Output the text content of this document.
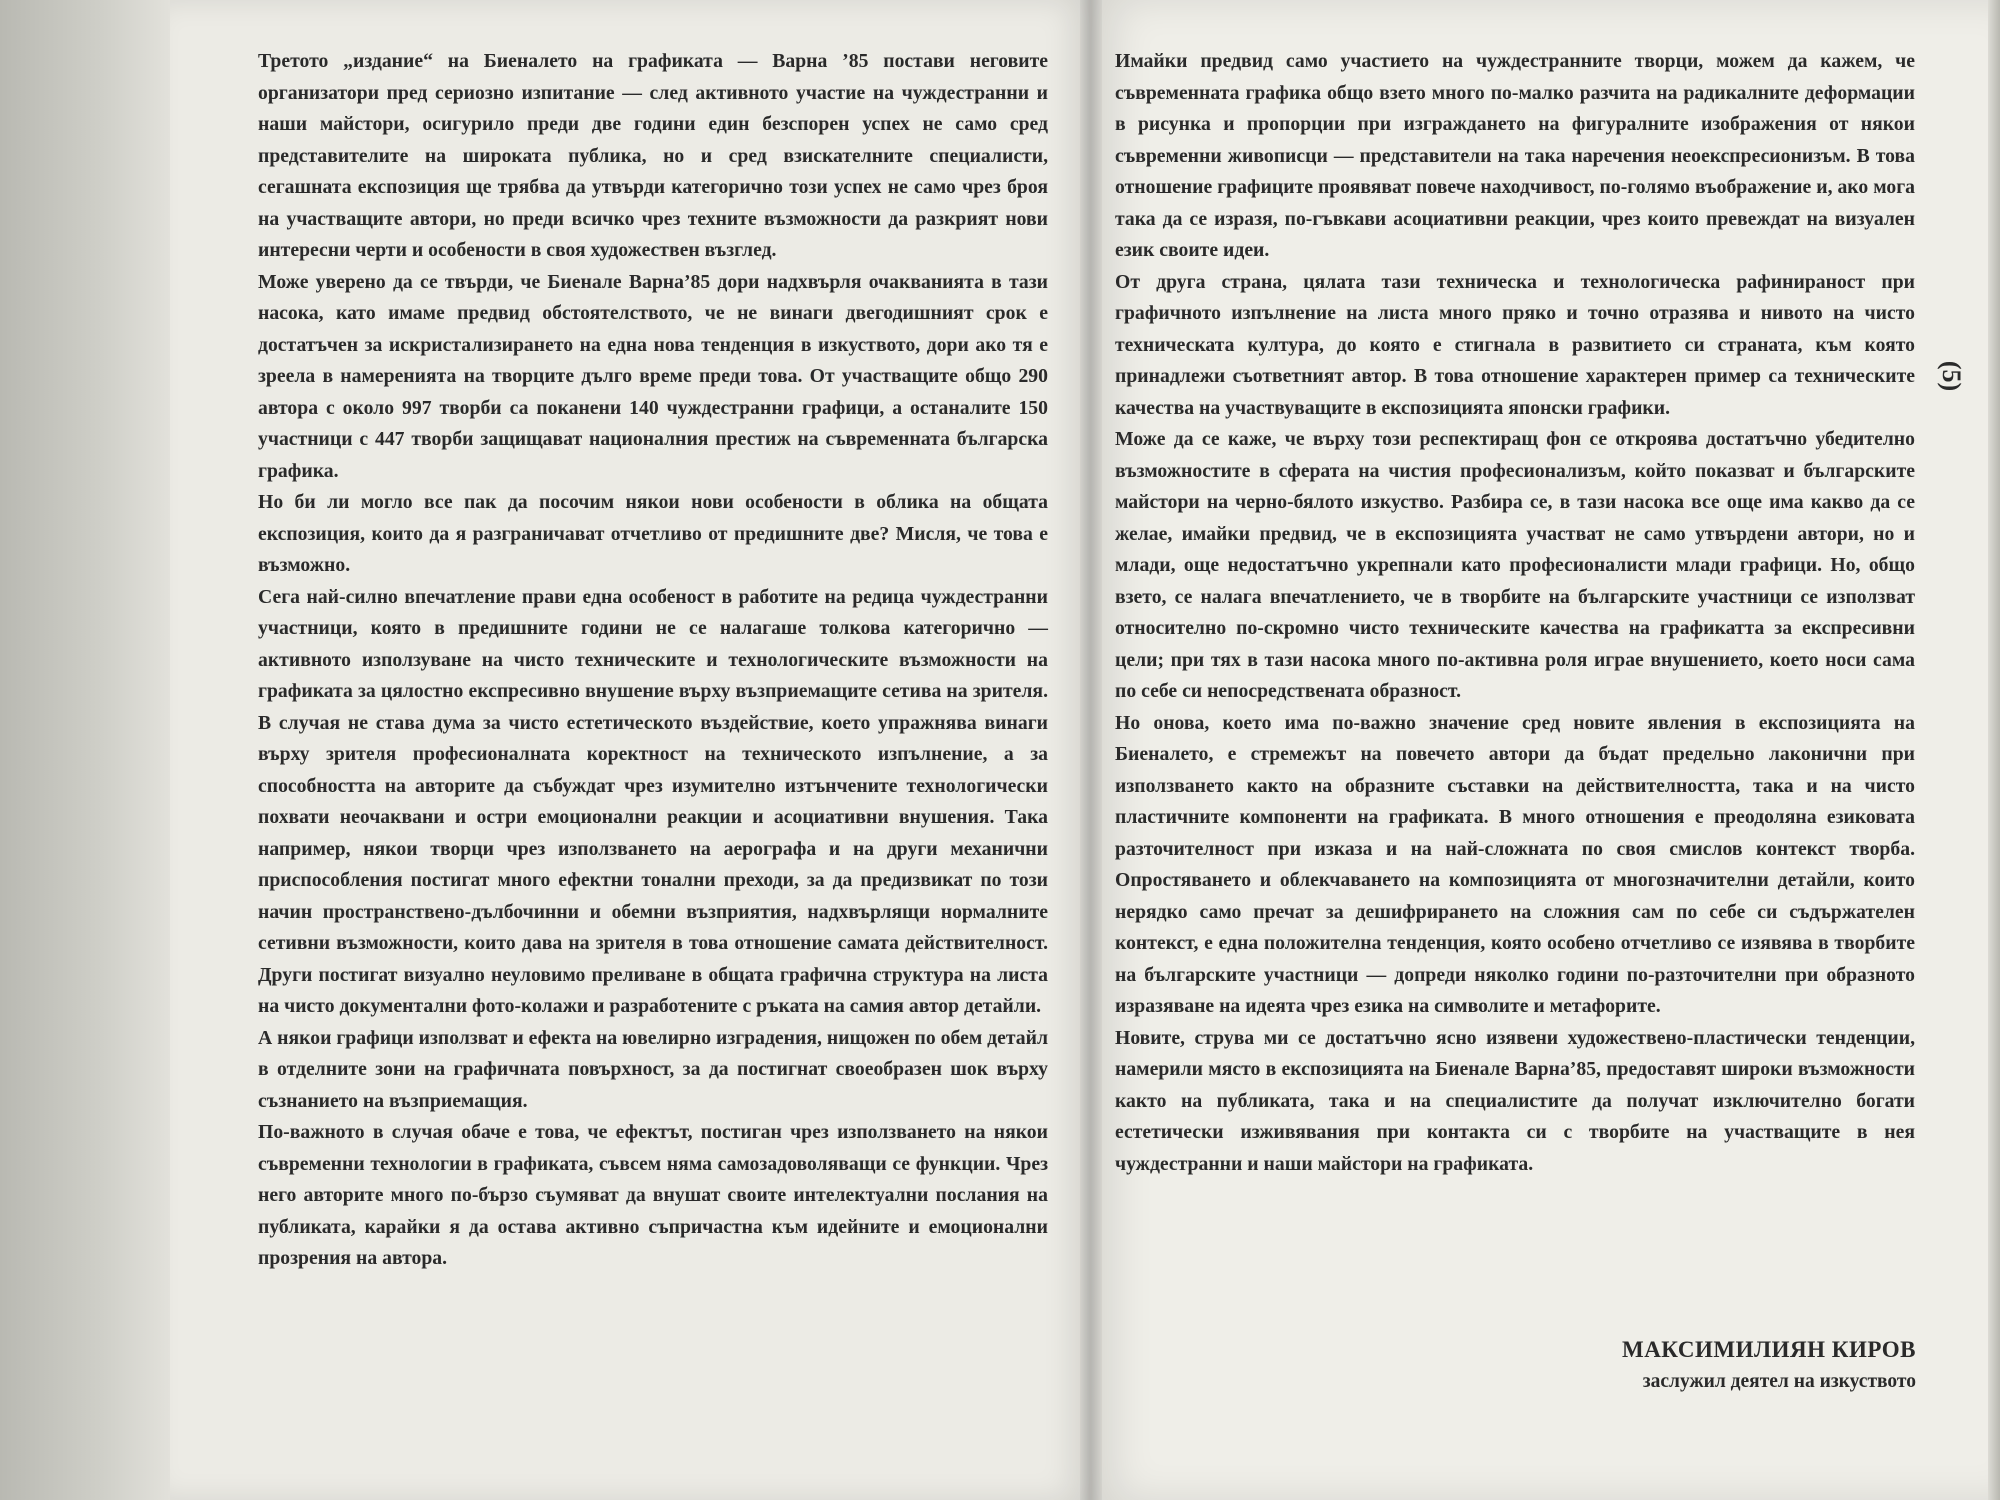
Третото „издание“ на Биеналето на графиката — Варна ’85 постави неговите организатори пред сериозно изпитание — след активното участие на чуждестранни и наши майстори, осигурило преди две години един безспорен успех не само сред представителите на широката публика, но и сред взискателните специалисти, сегашната експозиция ще трябва да утвърди категорично този успех не само чрез броя на участващите автори, но преди всичко чрез техните възможности да разкрият нови интересни черти и особености в своя художествен възглед.

Може уверено да се твърди, че Биенале Варна’85 дори надхвърля очакванията в тази насока, като имаме предвид обстоятелството, че не винаги двегодишният срок е достатъчен за искристализирането на една нова тенденция в изкуството, дори ако тя е зреела в намеренията на творците дълго време преди това. От участващите общо 290 автора с около 997 творби са поканени 140 чуждестранни графици, а останалите 150 участници с 447 творби защищават националния престиж на съвременната българска графика.

Но би ли могло все пак да посочим някои нови особености в облика на общата експозиция, които да я разграничават отчетливо от предишните две? Мисля, че това е възможно.

Сега най-силно впечатление прави една особеност в работите на редица чуждестранни участници, която в предишните години не се налагаше толкова категорично — активното използуване на чисто техническите и технологическите възможности на графиката за цялостно експресивно внушение върху възприемащите сетива на зрителя. В случая не става дума за чисто естетическото въздействие, което упражнява винаги върху зрителя професионалната коректност на техническото изпълнение, а за способността на авторите да събуждат чрез изумително изтънчените технологически похвати неочаквани и остри емоционални реакции и асоциативни внушения. Така например, някои творци чрез използването на аерографа и на други механични приспособления постигат много ефектни тонални преходи, за да предизвикат по този начин пространствено-дълбочинни и обемни възприятия, надхвърлящи нормалните сетивни възможности, които дава на зрителя в това отношение самата действителност. Други постигат визуално неуловимо преливане в общата графична структура на листа на чисто документални фото-колажи и разработените с ръката на самия автор детайли.

А някои графици използват и ефекта на ювелирно изградения, нищожен по обем детайл в отделните зони на графичната повърхност, за да постигнат своеобразен шок върху съзнанието на възприемащия.

По-важното в случая обаче е това, че ефектът, постиган чрез използването на някои съвременни технологии в графиката, съвсем няма самозадоволяващи се функции. Чрез него авторите много по-бързо съумяват да внушат своите интелектуални послания на публиката, карайки я да остава активно съпричастна към идейните и емоционални прозрения на автора.

Имайки предвид само участието на чуждестранните творци, можем да кажем, че съвременната графика общо взето много по-малко разчита на радикалните деформации в рисунка и пропорции при изграждането на фигуралните изображения от някои съвременни живописци — представители на така наречения неоекспресионизъм. В това отношение графиците проявяват повече находчивост, по-голямо въображение и, ако мога така да се изразя, по-гъвкави асоциативни реакции, чрез които превеждат на визуален език своите идеи.

От друга страна, цялата тази техническа и технологическа рафинираност при графичното изпълнение на листа много пряко и точно отразява и нивото на чисто техническата култура, до която е стигнала в развитието си страната, към която принадлежи съответният автор. В това отношение характерен пример са техническите качества на участвуващите в експозицията японски графики.

Може да се каже, че върху този респектиращ фон се откроява достатъчно убедително възможностите в сферата на чистия професионализъм, който показват и българските майстори на черно-бялото изкуство. Разбира се, в тази насока все още има какво да се желае, имайки предвид, че в експозицията участват не само утвърдени автори, но и млади, още недостатъчно укрепнали като професионалисти млади графици. Но, общо взето, се налага впечатлението, че в творбите на българските участници се използват относително по-скромно чисто техническите качества на графикатта за експресивни цели; при тях в тази насока много по-активна роля играе внушението, което носи сама по себе си непосредствената образност.

Но онова, което има по-важно значение сред новите явления в експозицията на Биеналето, е стремежът на повечето автори да бъдат предельно лаконични при използването както на образните съставки на действителността, така и на чисто пластичните компоненти на графиката. В много отношения е преодоляна езиковата разточителност при изказа и на най-сложната по своя смислов контекст творба. Опростяването и облекчаването на композицията от многозначителни детайли, които нерядко само пречат за дешифрирането на сложния сам по себе си съдържателен контекст, е една положителна тенденция, която особено отчетливо се изявява в творбите на българските участници — допреди няколко години по-разточителни при образното изразяване на идеята чрез езика на символите и метафорите.

Новите, струва ми се достатъчно ясно изявени художествено-пластически тенденции, намерили място в експозицията на Биенале Варна’85, предоставят широки възможности както на публиката, така и на специалистите да получат изключително богати естетически изживявания при контакта си с творбите на участващите в нея чуждестранни и наши майстори на графиката.

МАКСИМИЛИЯН КИРОВ
заслужил деятел на изкуството
(5)
